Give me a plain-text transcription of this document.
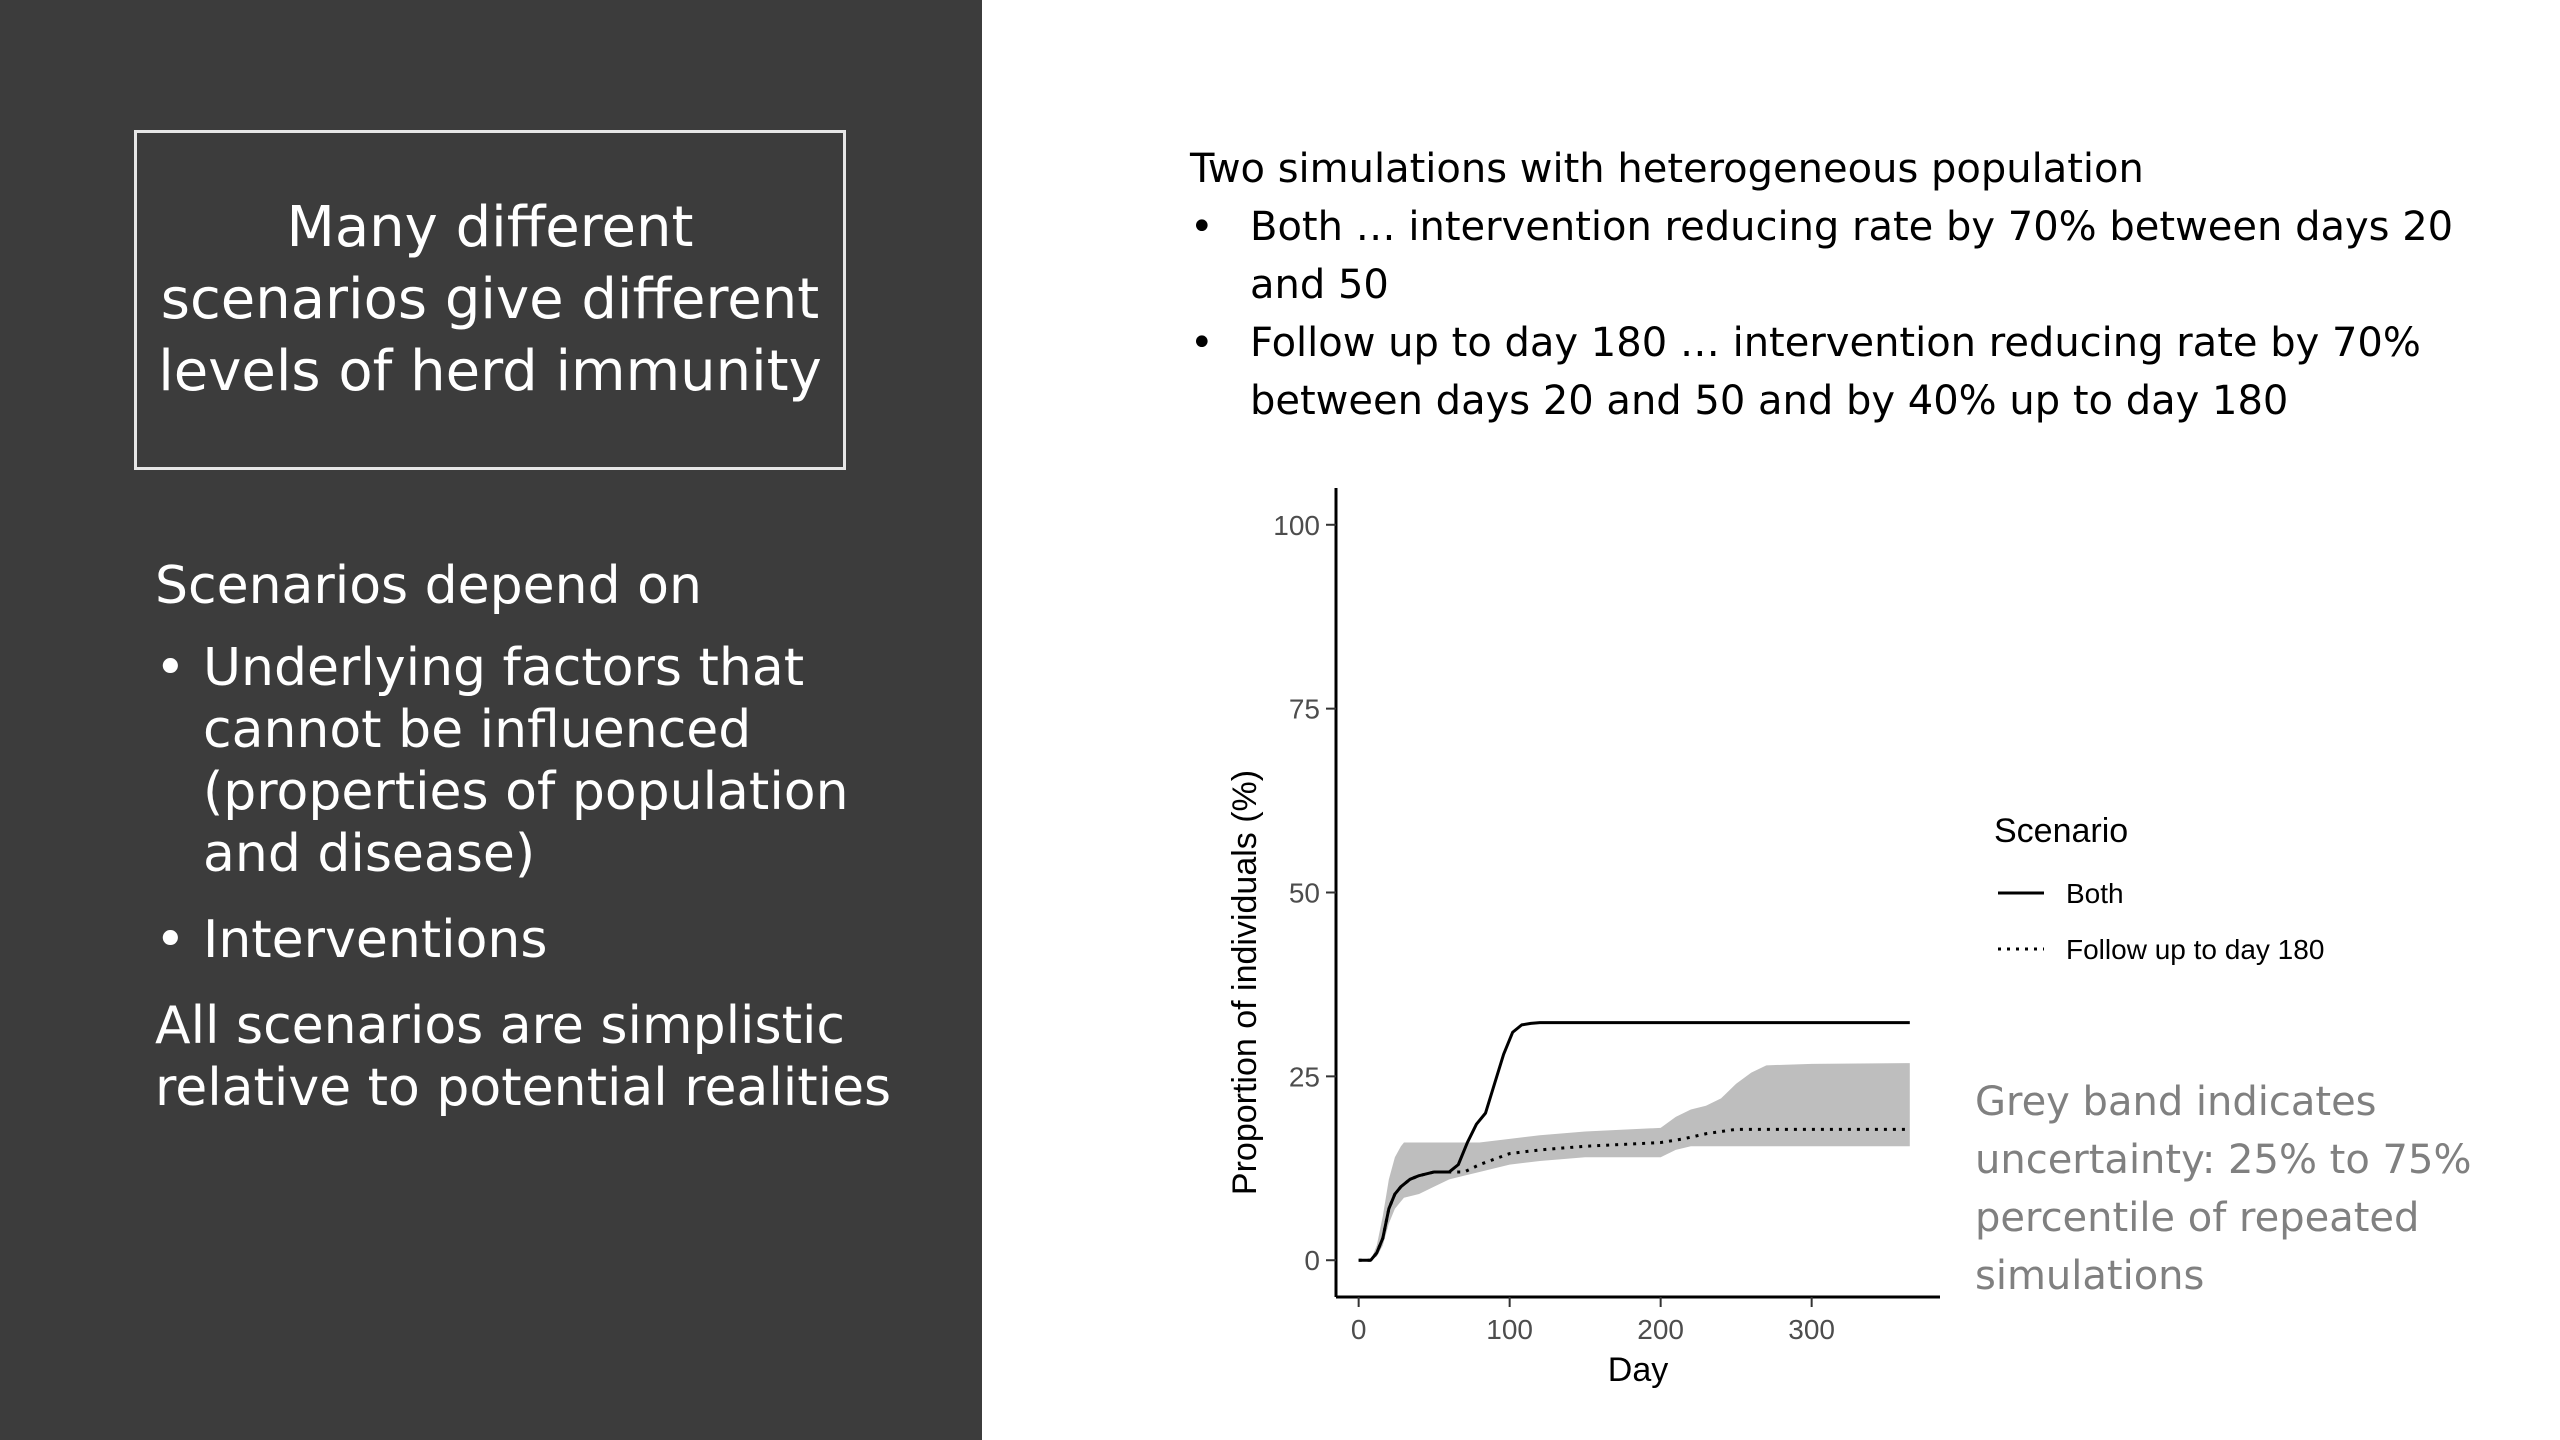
Many different scenarios give different levels of herd immunity

Scenarios depend on

• Underlying factors that cannot be influenced (properties of population and disease)
• Interventions

All scenarios are simplistic relative to potential realities

Two simulations with heterogeneous population

• Both … intervention reducing rate by 70% between days 20 and 50
• Follow up to day 180 … intervention reducing rate by 70% between days 20 and 50 and by 40% up to day 180
0
25
50
75
100
0	100	200	300
Day
Proportion of individuals (%)	Scenario
Both
Follow up to day 180
Grey band indicates uncertainty: 25% to 75% percentile of repeated simulations
